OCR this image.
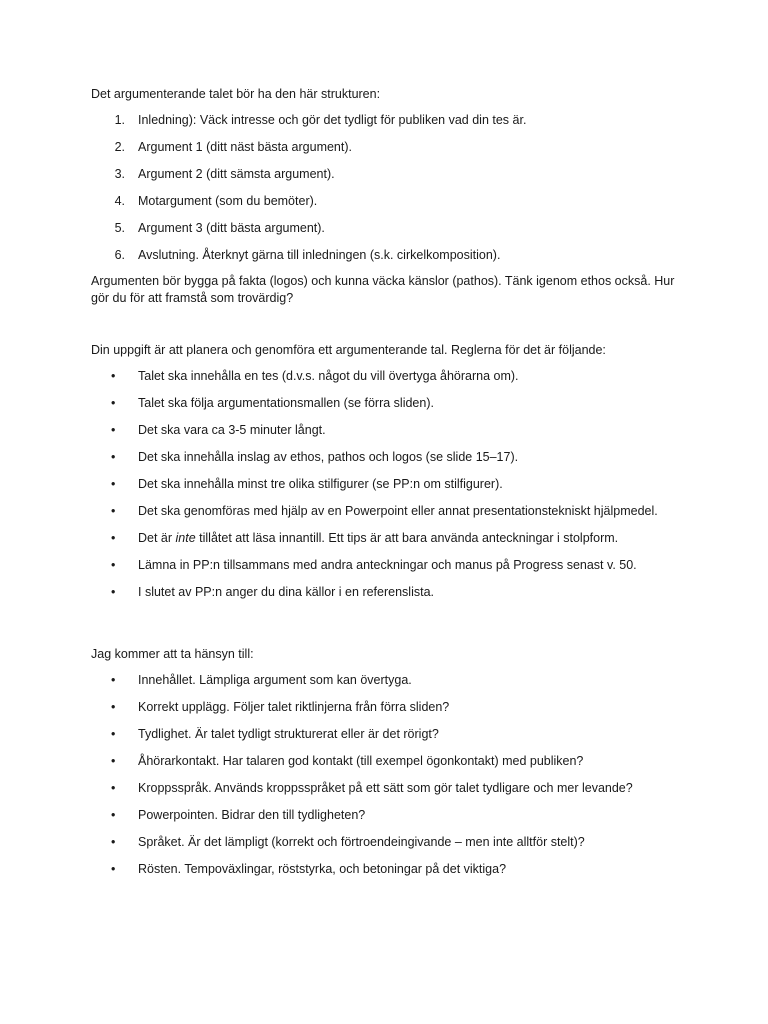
Det argumenterande talet bör ha den här strukturen:

1. Inledning): Väck intresse och gör det tydligt för publiken vad din tes är.
2. Argument 1 (ditt näst bästa argument).
3. Argument 2 (ditt sämsta argument).
4. Motargument (som du bemöter).
5. Argument 3 (ditt bästa argument).
6. Avslutning. Återknyt gärna till inledningen (s.k. cirkelkomposition).

Argumenten bör bygga på fakta (logos) och kunna väcka känslor (pathos). Tänk igenom ethos också. Hur gör du för att framstå som trovärdig?

Din uppgift är att planera och genomföra ett argumenterande tal. Reglerna för det är följande:

•	Talet ska innehålla en tes (d.v.s. något du vill övertyga åhörarna om).
•	Talet ska följa argumentationsmallen (se förra sliden).
•	Det ska vara ca 3-5 minuter långt.
•	Det ska innehålla inslag av ethos, pathos och logos (se slide 15–17).
•	Det ska innehålla minst tre olika stilfigurer (se PP:n om stilfigurer).
•	Det ska genomföras med hjälp av en Powerpoint eller annat presentationstekniskt hjälpmedel.
•	Det är inte tillåtet att läsa innantill. Ett tips är att bara använda anteckningar i stolpform.
•	Lämna in PP:n tillsammans med andra anteckningar och manus på Progress senast v. 50.
•	I slutet av PP:n anger du dina källor i en referenslista.

Jag kommer att ta hänsyn till:

•	Innehållet. Lämpliga argument som kan övertyga.
•	Korrekt upplägg. Följer talet riktlinjerna från förra sliden?
•	Tydlighet. Är talet tydligt strukturerat eller är det rörigt?
•	Åhörarkontakt. Har talaren god kontakt (till exempel ögonkontakt) med publiken?
•	Kroppsspråk. Används kroppsspråket på ett sätt som gör talet tydligare och mer levande?
•	Powerpointen. Bidrar den till tydligheten?
•	Språket. Är det lämpligt (korrekt och förtroendeingivande – men inte alltför stelt)?
•	Rösten. Tempoväxlingar, röststyrka, och betoningar på det viktiga?
